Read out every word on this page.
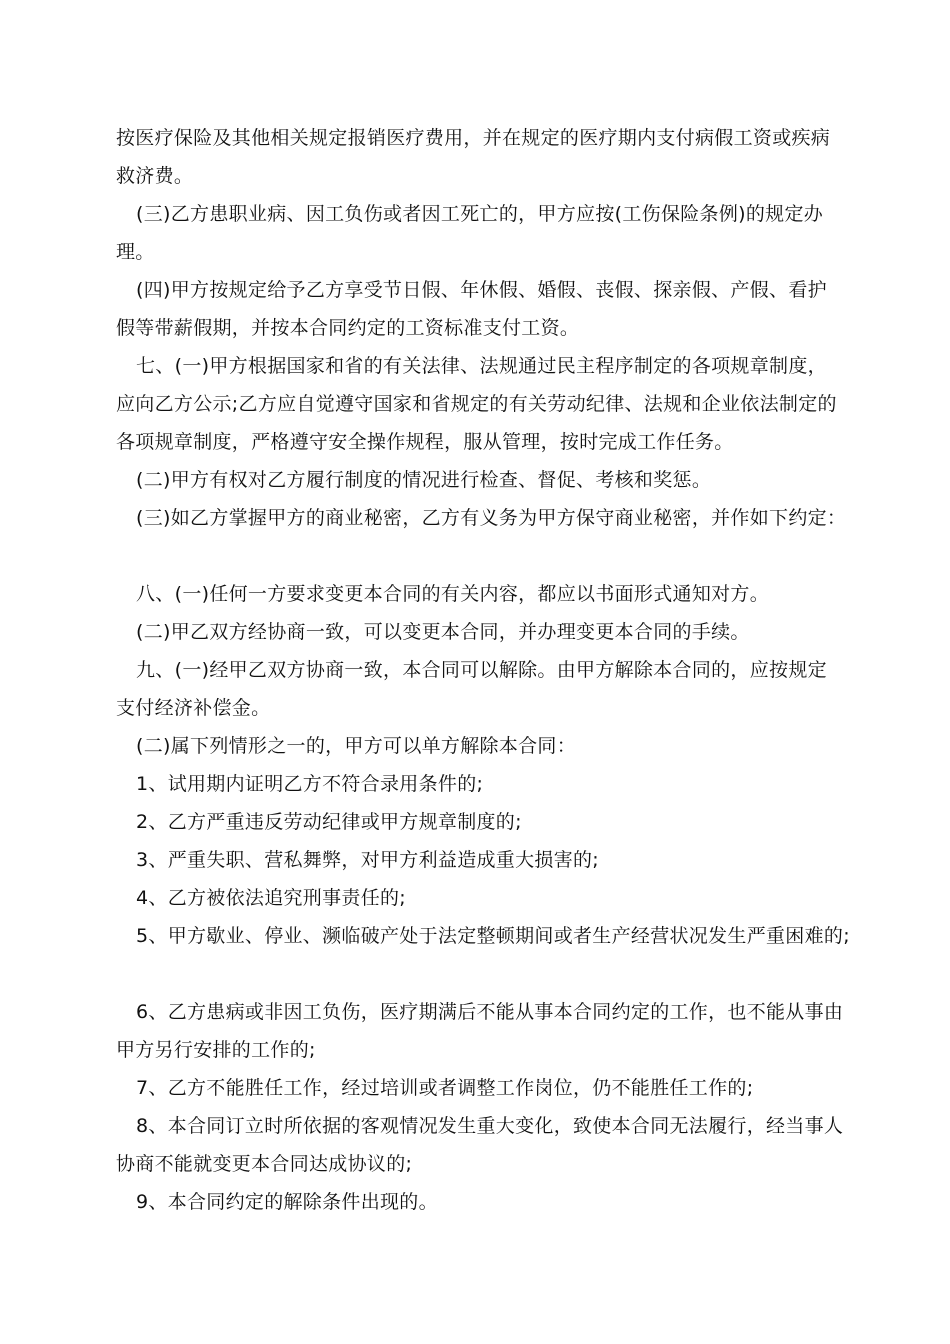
按医疗保险及其他相关规定报销医疗费用，并在规定的医疗期内支付病假工资或疾病
救济费。
(三)乙方患职业病、因工负伤或者因工死亡的，甲方应按(工伤保险条例)的规定办
理。
(四)甲方按规定给予乙方享受节日假、年休假、婚假、丧假、探亲假、产假、看护
假等带薪假期，并按本合同约定的工资标准支付工资。
七、(一)甲方根据国家和省的有关法律、法规通过民主程序制定的各项规章制度，
应向乙方公示;乙方应自觉遵守国家和省规定的有关劳动纪律、法规和企业依法制定的
各项规章制度，严格遵守安全操作规程，服从管理，按时完成工作任务。
(二)甲方有权对乙方履行制度的情况进行检查、督促、考核和奖惩。
(三)如乙方掌握甲方的商业秘密，乙方有义务为甲方保守商业秘密，并作如下约定：
八、(一)任何一方要求变更本合同的有关内容，都应以书面形式通知对方。
(二)甲乙双方经协商一致，可以变更本合同，并办理变更本合同的手续。
九、(一)经甲乙双方协商一致，本合同可以解除。由甲方解除本合同的，应按规定
支付经济补偿金。
(二)属下列情形之一的，甲方可以单方解除本合同：
1、试用期内证明乙方不符合录用条件的;
2、乙方严重违反劳动纪律或甲方规章制度的;
3、严重失职、营私舞弊，对甲方利益造成重大损害的;
4、乙方被依法追究刑事责任的;
5、甲方歇业、停业、濒临破产处于法定整顿期间或者生产经营状况发生严重困难的;
6、乙方患病或非因工负伤，医疗期满后不能从事本合同约定的工作，也不能从事由
甲方另行安排的工作的;
7、乙方不能胜任工作，经过培训或者调整工作岗位，仍不能胜任工作的;
8、本合同订立时所依据的客观情况发生重大变化，致使本合同无法履行，经当事人
协商不能就变更本合同达成协议的;
9、本合同约定的解除条件出现的。
